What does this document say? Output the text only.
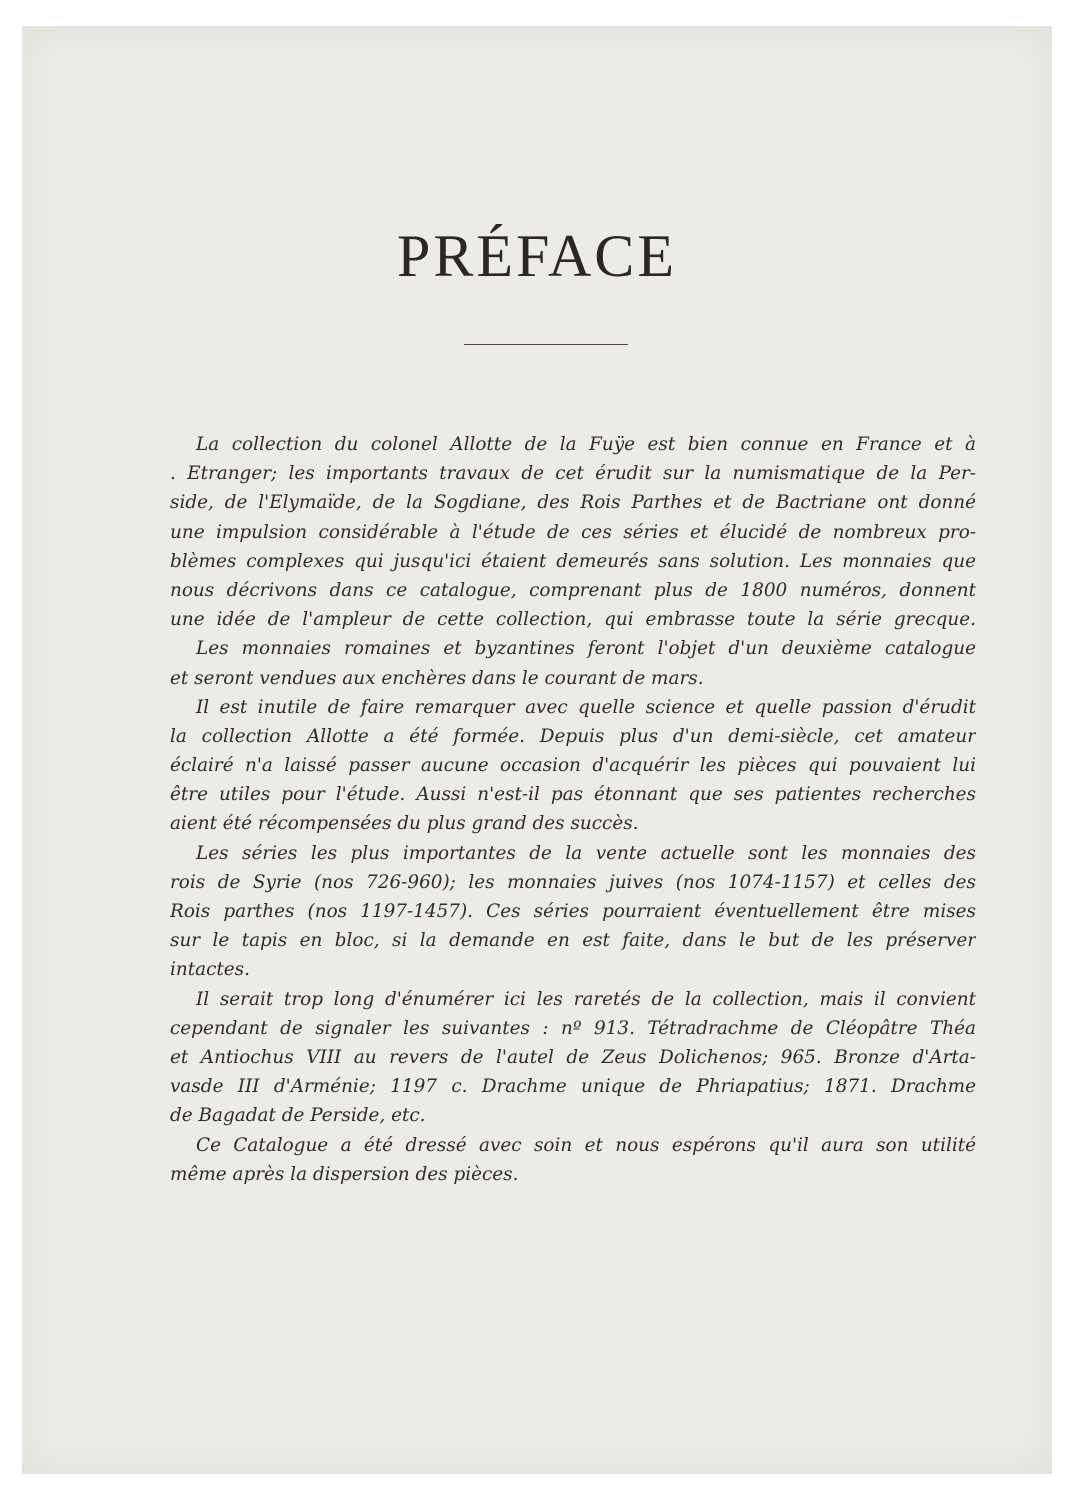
PRÉFACE
La collection du colonel Allotte de la Fuÿe est bien connue en France et à
. Etranger; les importants travaux de cet érudit sur la numismatique de la Per-
side, de l'Elymaïde, de la Sogdiane, des Rois Parthes et de Bactriane ont donné
une impulsion considérable à l'étude de ces séries et élucidé de nombreux pro-
blèmes complexes qui jusqu'ici étaient demeurés sans solution. Les monnaies que
nous décrivons dans ce catalogue, comprenant plus de 1800 numéros, donnent
une idée de l'ampleur de cette collection, qui embrasse toute la série grecque.
Les monnaies romaines et byzantines feront l'objet d'un deuxième catalogue
et seront vendues aux enchères dans le courant de mars.
Il est inutile de faire remarquer avec quelle science et quelle passion d'érudit
la collection Allotte a été formée. Depuis plus d'un demi-siècle, cet amateur
éclairé n'a laissé passer aucune occasion d'acquérir les pièces qui pouvaient lui
être utiles pour l'étude. Aussi n'est-il pas étonnant que ses patientes recherches
aient été récompensées du plus grand des succès.
Les séries les plus importantes de la vente actuelle sont les monnaies des
rois de Syrie (nos 726-960); les monnaies juives (nos 1074-1157) et celles des
Rois parthes (nos 1197-1457). Ces séries pourraient éventuellement être mises
sur le tapis en bloc, si la demande en est faite, dans le but de les préserver
intactes.
Il serait trop long d'énumérer ici les raretés de la collection, mais il convient
cependant de signaler les suivantes : nº 913. Tétradrachme de Cléopâtre Théa
et Antiochus VIII au revers de l'autel de Zeus Dolichenos; 965. Bronze d'Arta-
vasde III d'Arménie; 1197 c. Drachme unique de Phriapatius; 1871. Drachme
de Bagadat de Perside, etc.
Ce Catalogue a été dressé avec soin et nous espérons qu'il aura son utilité
même après la dispersion des pièces.
